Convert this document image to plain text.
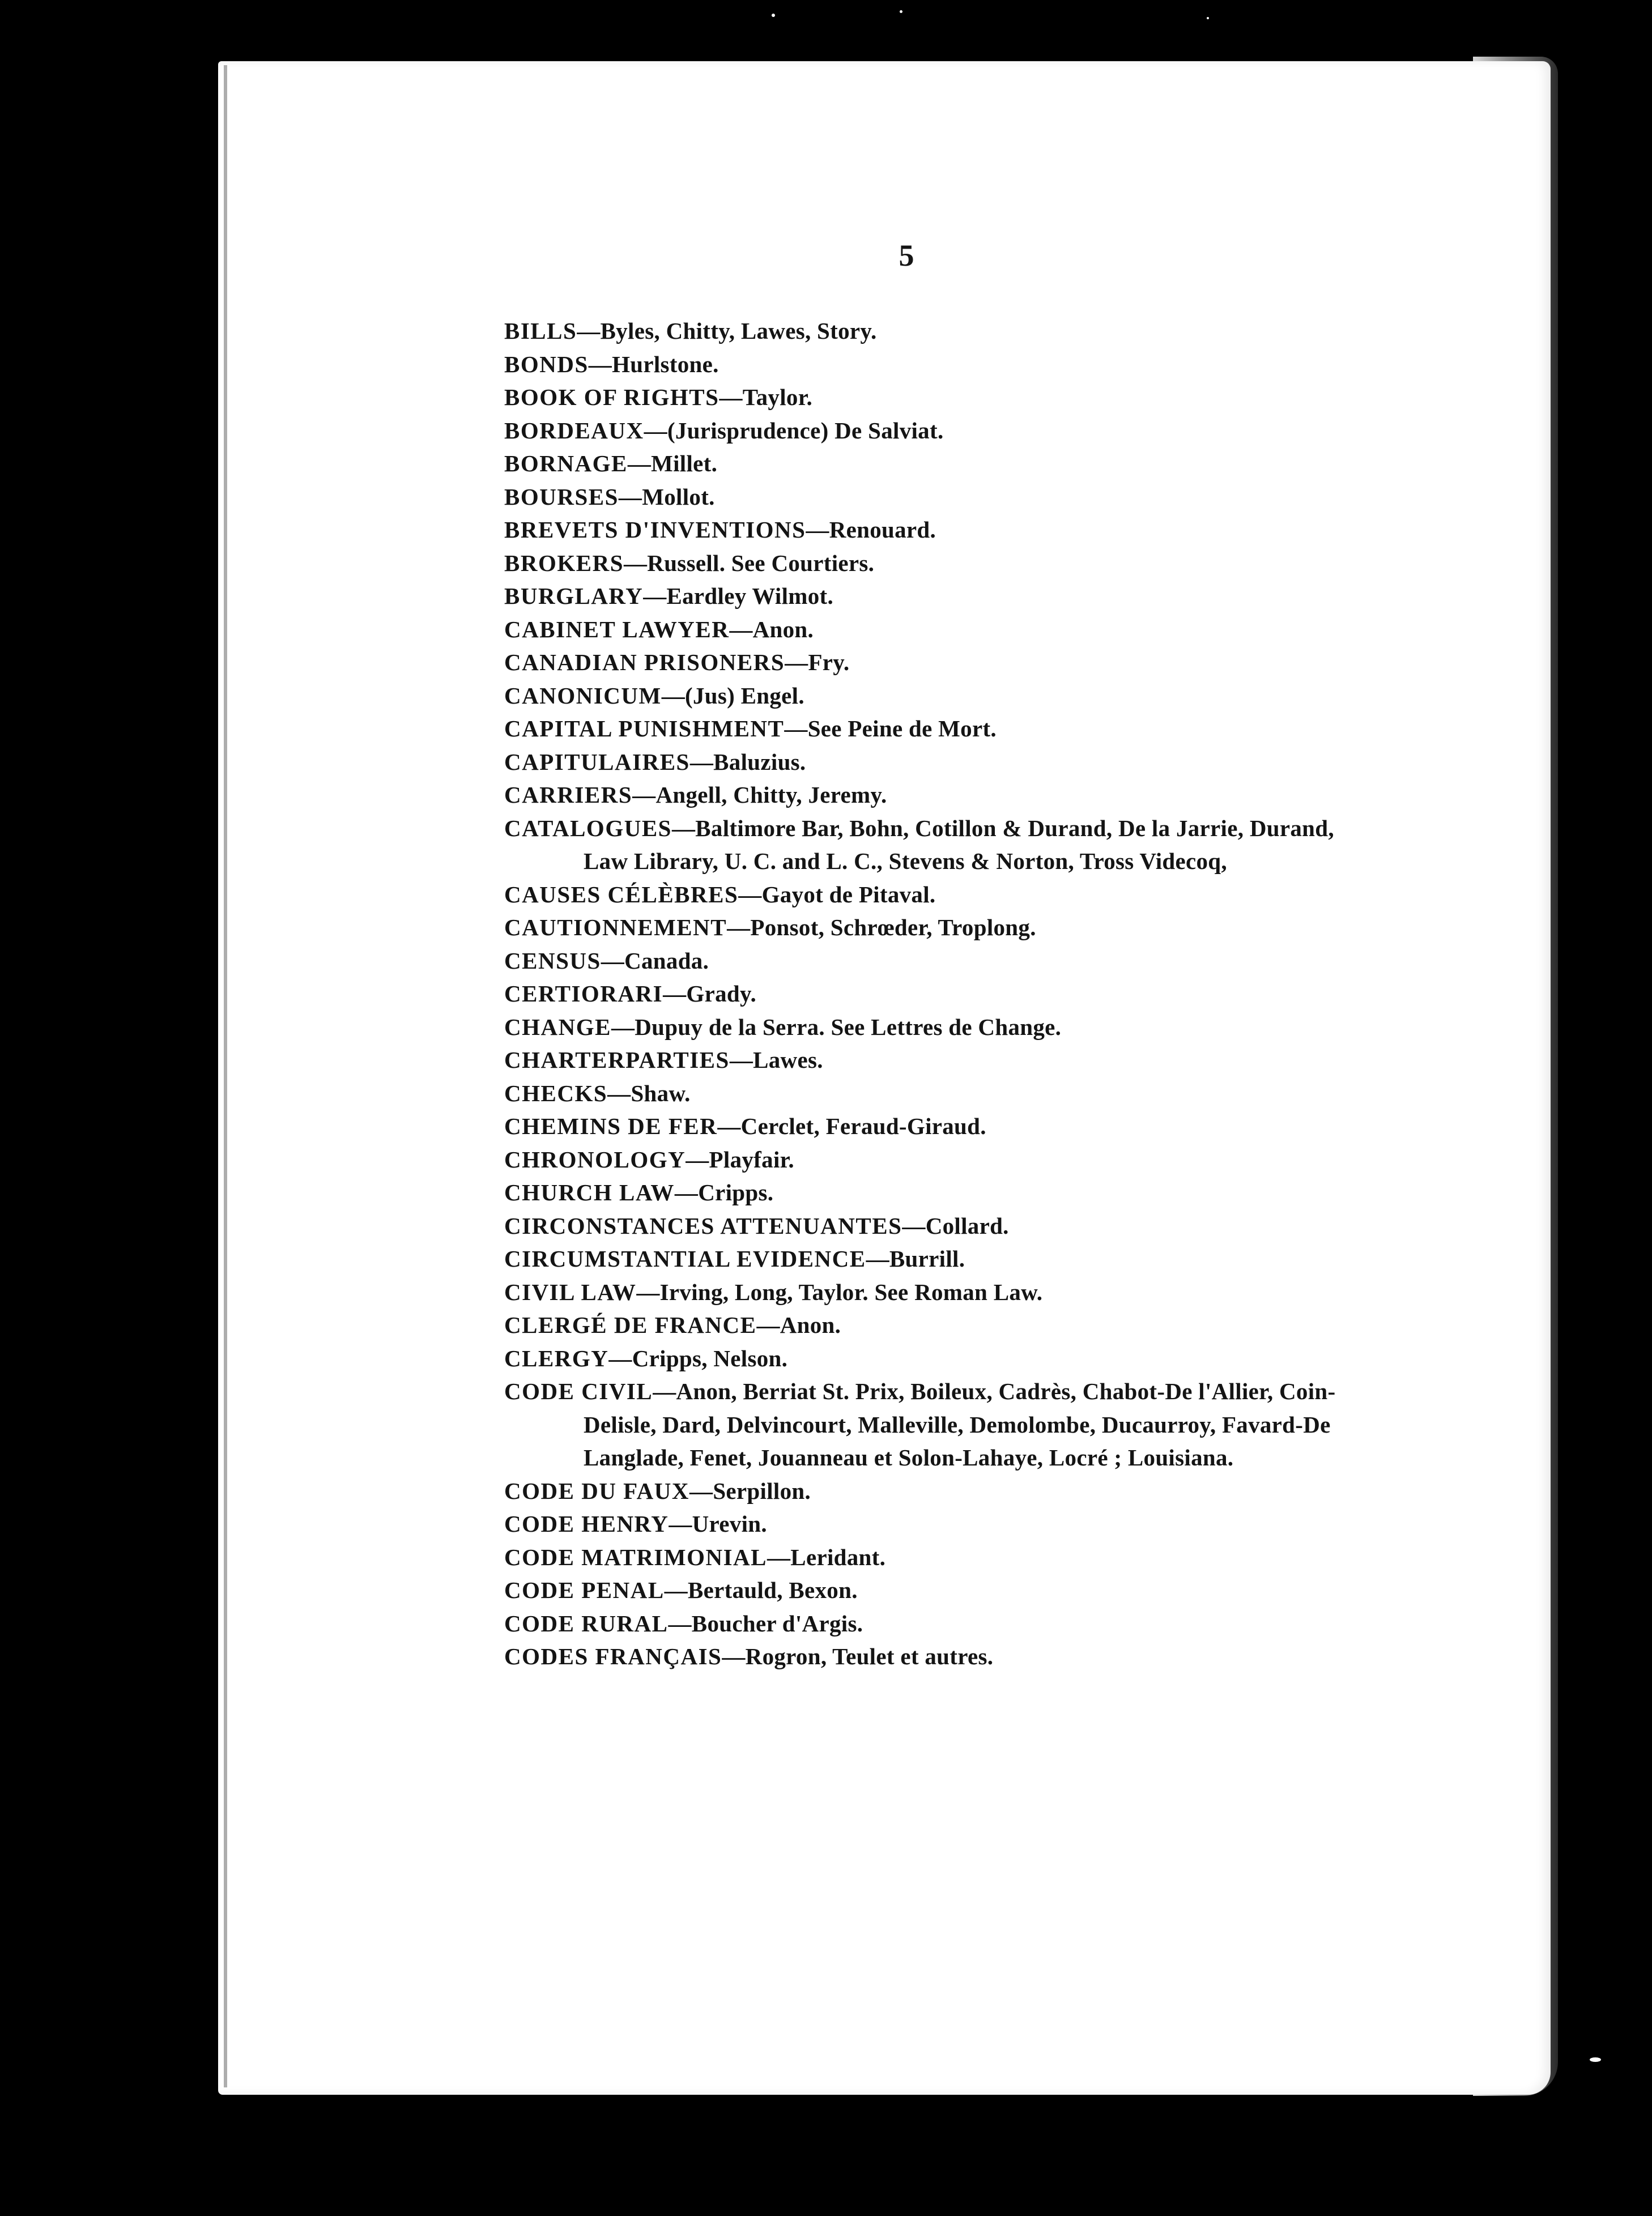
5
BILLS—Byles, Chitty, Lawes, Story.
BONDS—Hurlstone.
BOOK OF RIGHTS—Taylor.
BORDEAUX—(Jurisprudence) De Salviat.
BORNAGE—Millet.
BOURSES—Mollot.
BREVETS D'INVENTIONS—Renouard.
BROKERS—Russell. See Courtiers.
BURGLARY—Eardley Wilmot.
CABINET LAWYER—Anon.
CANADIAN PRISONERS—Fry.
CANONICUM—(Jus) Engel.
CAPITAL PUNISHMENT—See Peine de Mort.
CAPITULAIRES—Baluzius.
CARRIERS—Angell, Chitty, Jeremy.
CATALOGUES—Baltimore Bar, Bohn, Cotillon & Durand, De la Jarrie, Durand, Law Library, U. C. and L. C., Stevens & Norton, Tross Videcoq,
CAUSES CÉLÈBRES—Gayot de Pitaval.
CAUTIONNEMENT—Ponsot, Schrœder, Troplong.
CENSUS—Canada.
CERTIORARI—Grady.
CHANGE—Dupuy de la Serra. See Lettres de Change.
CHARTERPARTIES—Lawes.
CHECKS—Shaw.
CHEMINS DE FER—Cerclet, Feraud-Giraud.
CHRONOLOGY—Playfair.
CHURCH LAW—Cripps.
CIRCONSTANCES ATTENUANTES—Collard.
CIRCUMSTANTIAL EVIDENCE—Burrill.
CIVIL LAW—Irving, Long, Taylor. See Roman Law.
CLERGÉ DE FRANCE—Anon.
CLERGY—Cripps, Nelson.
CODE CIVIL—Anon, Berriat St. Prix, Boileux, Cadrès, Chabot-De l'Allier, Coin-Delisle, Dard, Delvincourt, Malleville, Demolombe, Ducaurroy, Favard-De Langlade, Fenet, Jouanneau et Solon-Lahaye, Locré ; Louisiana.
CODE DU FAUX—Serpillon.
CODE HENRY—Urevin.
CODE MATRIMONIAL—Leridant.
CODE PENAL—Bertauld, Bexon.
CODE RURAL—Boucher d'Argis.
CODES FRANÇAIS—Rogron, Teulet et autres.
